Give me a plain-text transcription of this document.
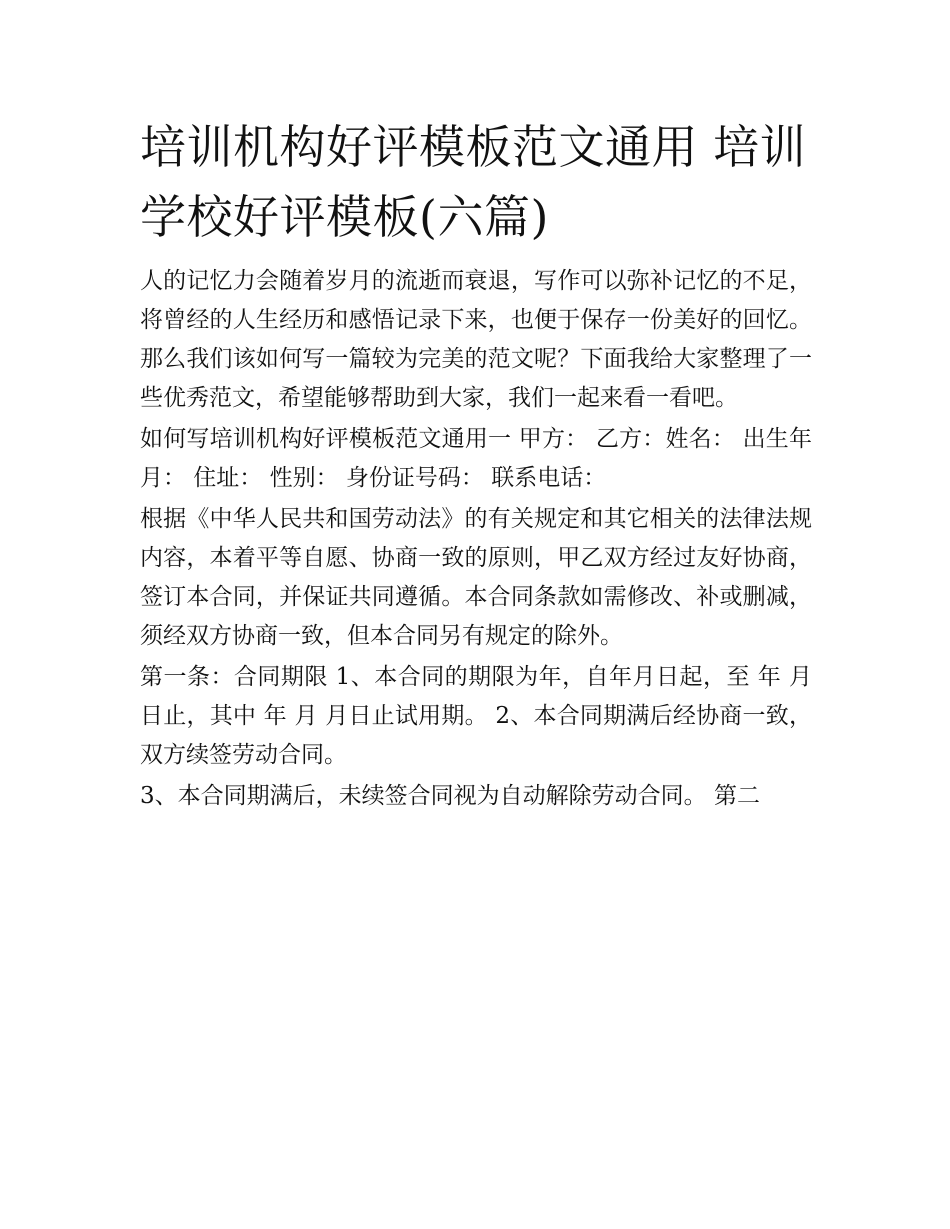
培训机构好评模板范文通用 培训学校好评模板(六篇)

人的记忆力会随着岁月的流逝而衰退，写作可以弥补记忆的不足，将曾经的人生经历和感悟记录下来，也便于保存一份美好的回忆。那么我们该如何写一篇较为完美的范文呢？下面我给大家整理了一些优秀范文，希望能够帮助到大家，我们一起来看一看吧。

如何写培训机构好评模板范文通用一 甲方： 乙方：姓名： 出生年月： 住址： 性别： 身份证号码： 联系电话：

根据《中华人民共和国劳动法》的有关规定和其它相关的法律法规内容，本着平等自愿、协商一致的原则，甲乙双方经过友好协商，签订本合同，并保证共同遵循。本合同条款如需修改、补或删减，须经双方协商一致，但本合同另有规定的除外。

第一条：合同期限 1、本合同的期限为年，自年月日起，至 年 月 日止，其中 年 月 月日止试用期。 2、本合同期满后经协商一致，双方续签劳动合同。

3、本合同期满后，未续签合同视为自动解除劳动合同。 第二
